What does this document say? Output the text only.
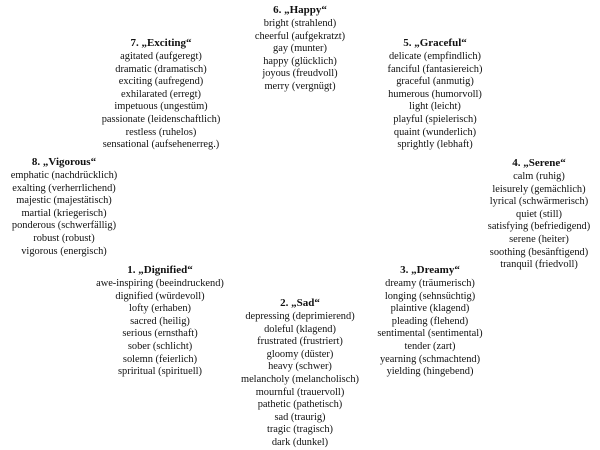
6. „Happy“
bright (strahlend)
cheerful (aufgekratzt)
gay (munter)
happy (glücklich)
joyous (freudvoll)
merry (vergnügt)
7. „Exciting“
agitated (aufgeregt)
dramatic (dramatisch)
exciting (aufregend)
exhilarated (erregt)
impetuous (ungestüm)
passionate (leidenschaftlich)
restless (ruhelos)
sensational (aufsehenerreg.)
5. „Graceful“
delicate (empfindlich)
fanciful (fantasiereich)
graceful (anmutig)
humerous (humorvoll)
light (leicht)
playful (spielerisch)
quaint (wunderlich)
sprightly (lebhaft)
8. „Vigorous“
emphatic (nachdrücklich)
exalting (verherrlichend)
majestic (majestätisch)
martial (kriegerisch)
ponderous (schwerfällig)
robust (robust)
vigorous (energisch)
4. „Serene“
calm (ruhig)
leisurely (gemächlich)
lyrical (schwärmerisch)
quiet (still)
satisfying (befriedigend)
serene (heiter)
soothing (besänftigend)
tranquil (friedvoll)
1. „Dignified“
awe-inspiring (beeindruckend)
dignified (würdevoll)
lofty (erhaben)
sacred (heilig)
serious (ernsthaft)
sober (schlicht)
solemn (feierlich)
spriritual (spirituell)
3. „Dreamy“
dreamy (träumerisch)
longing (sehnsüchtig)
plaintive (klagend)
pleading (flehend)
sentimental (sentimental)
tender (zart)
yearning (schmachtend)
yielding (hingebend)
2. „Sad“
depressing (deprimierend)
doleful (klagend)
frustrated (frustriert)
gloomy (düster)
heavy (schwer)
melancholy (melancholisch)
mournful (trauervoll)
pathetic (pathetisch)
sad (traurig)
tragic (tragisch)
dark (dunkel)
